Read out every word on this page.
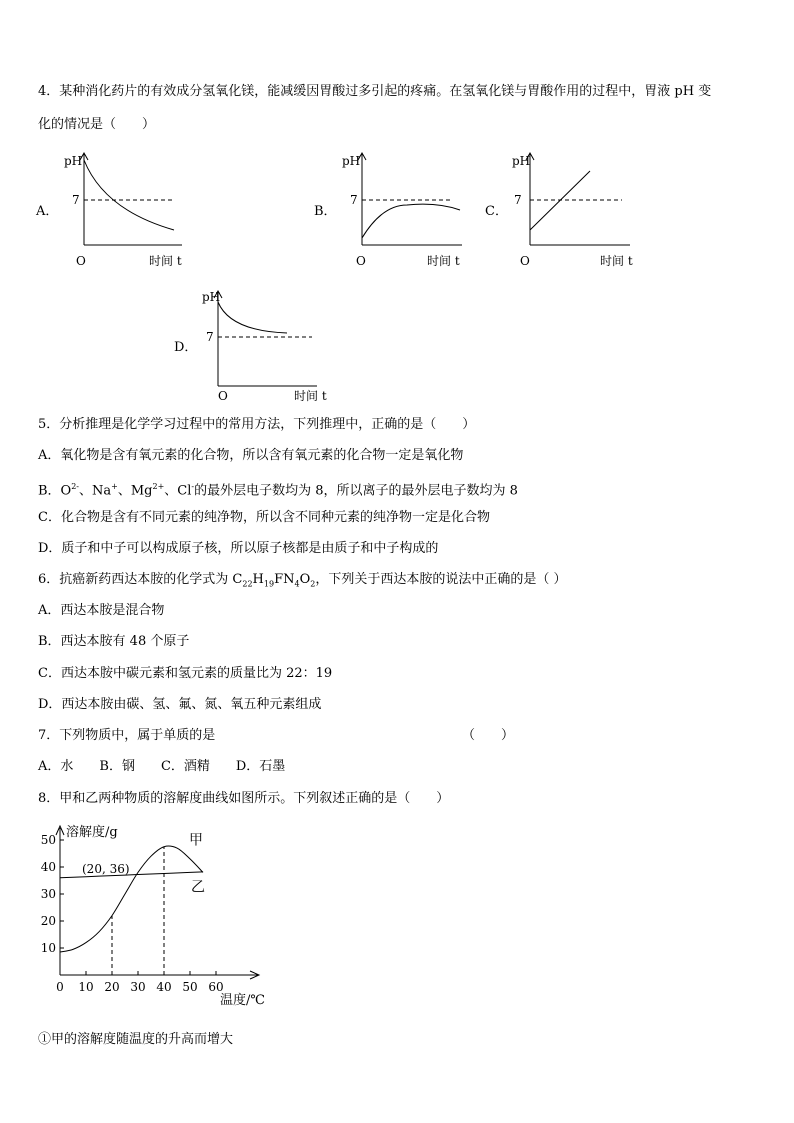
4．某种消化药片的有效成分氢氧化镁，能减缓因胃酸过多引起的疼痛。在氢氧化镁与胃酸作用的过程中，胃液 pH 变
化的情况是（　　）
A．
pH
7
O	时间 t
B．
pH
7
O	时间 t
C．
pH
7
O	时间 t
D．
pH
7
O	时间 t
5．分析推理是化学学习过程中的常用方法，下列推理中，正确的是（　　）
A．氧化物是含有氧元素的化合物，所以含有氧元素的化合物一定是氧化物
B．$O^{2-}$、Na+、$Mg^{2+}$、Cl-的最外层电子数均为 8，所以离子的最外层电子数均为 8
C．化合物是含有不同元素的纯净物，所以含不同种元素的纯净物一定是化合物
D．质子和中子可以构成原子核，所以原子核都是由质子和中子构成的
6．抗癌新药西达本胺的化学式为 $C_{22}H_{19}FN_4O_2$，下列关于西达本胺的说法中正确的是（ ）
A．西达本胺是混合物
B．西达本胺有 48 个原子
C．西达本胺中碳元素和氢元素的质量比为 22：19
D．西达本胺由碳、氢、氟、氮、氧五种元素组成
7．下列物质中，属于单质的是	（　　）
A．水　　B．钢　　C．酒精　　D．石墨
8．甲和乙两种物质的溶解度曲线如图所示。下列叙述正确的是（　　）
溶解度/g
温度/℃
0 10 20 30 40 50 60
10
20
30
40
50	甲
乙
(20, 36)
①甲的溶解度随温度的升高而增大
